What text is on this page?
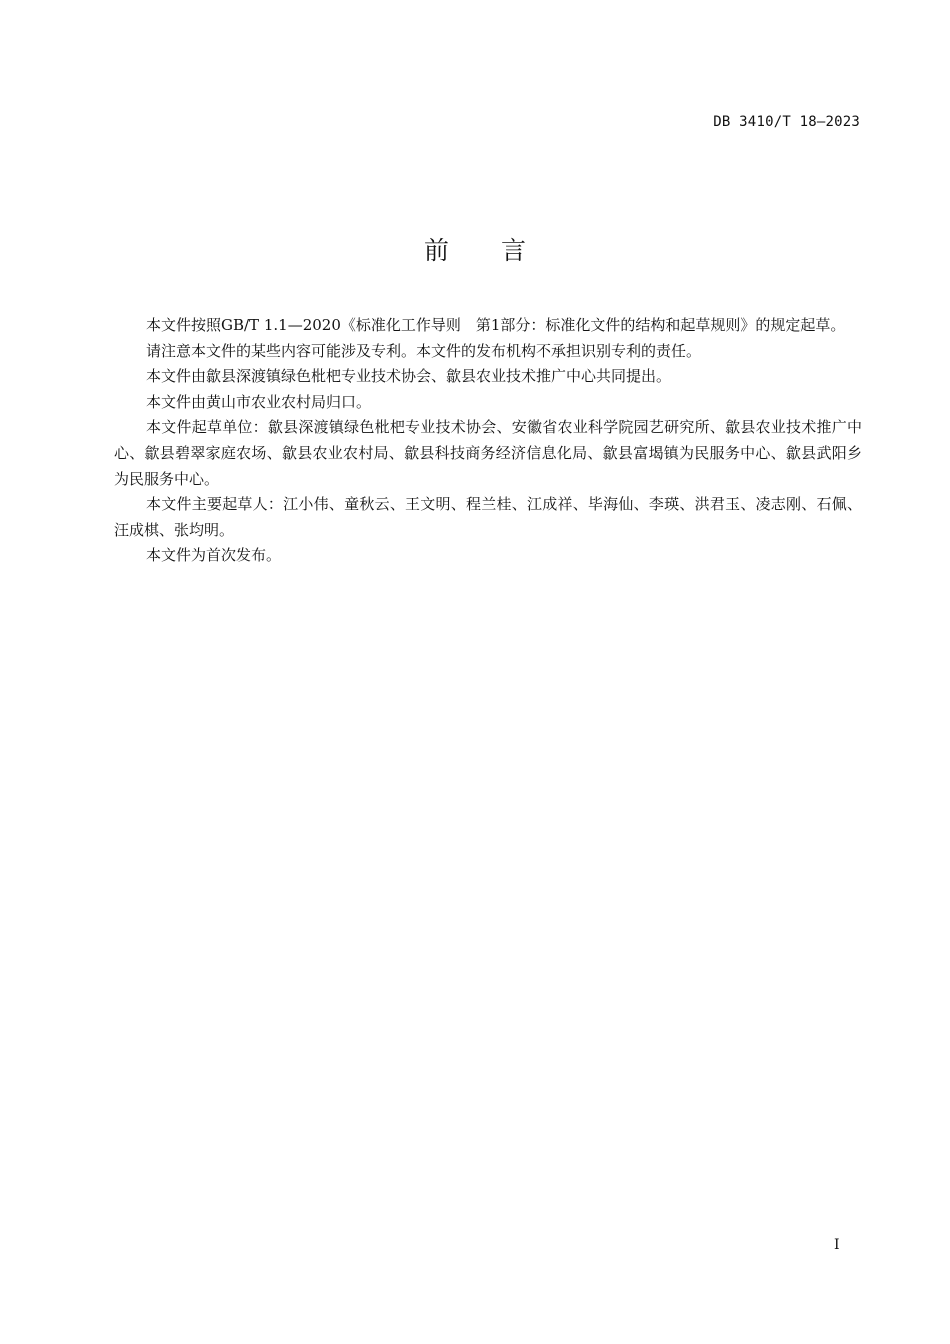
DB 3410/T 18—2023
前 言

本文件按照GB/T 1.1—2020《标准化工作导则　第1部分：标准化文件的结构和起草规则》的规定起草。

请注意本文件的某些内容可能涉及专利。本文件的发布机构不承担识别专利的责任。

本文件由歙县深渡镇绿色枇杷专业技术协会、歙县农业技术推广中心共同提出。

本文件由黄山市农业农村局归口。

本文件起草单位：歙县深渡镇绿色枇杷专业技术协会、安徽省农业科学院园艺研究所、歙县农业技术推广中心、歙县碧翠家庭农场、歙县农业农村局、歙县科技商务经济信息化局、歙县富堨镇为民服务中心、歙县武阳乡为民服务中心。

本文件主要起草人：江小伟、童秋云、王文明、程兰桂、江成祥、毕海仙、李瑛、洪君玉、凌志刚、石佩、汪成棋、张均明。

本文件为首次发布。

I
